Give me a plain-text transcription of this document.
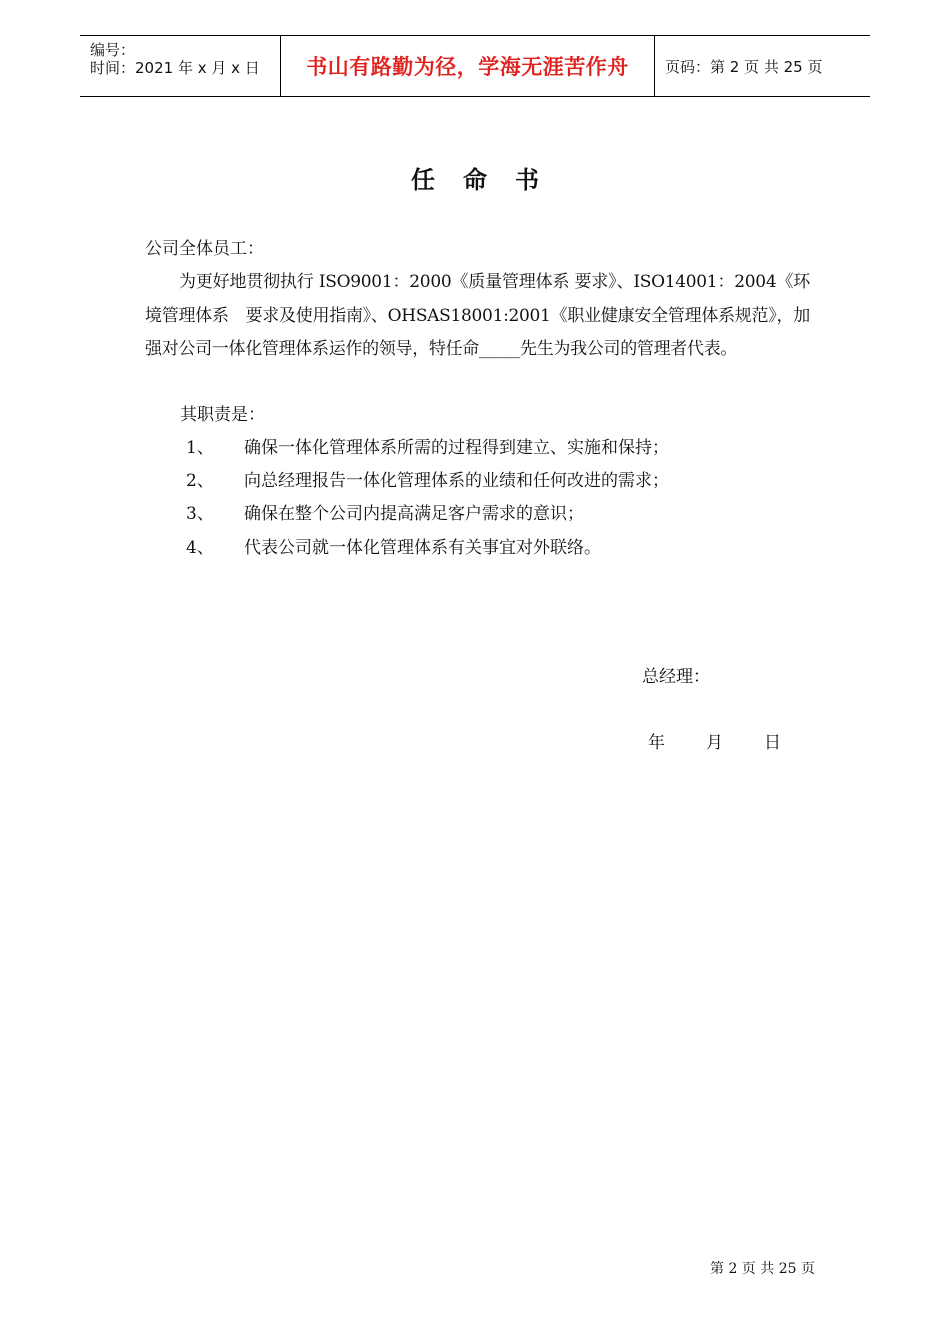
编号：
时间：2021 年 x 月 x 日	书山有路勤为径，学海无涯苦作舟 页码：第 2 页 共 25 页
任命书
公司全体员工：
为更好地贯彻执行 ISO9001：2000《质量管理体系 要求》、ISO14001：2004《环境管理体系　要求及使用指南》、OHSAS18001:2001《职业健康安全管理体系规范》，加强对公司一体化管理体系运作的领导，特任命_____先生为我公司的管理者代表。
其职责是：
1、 确保一体化管理体系所需的过程得到建立、实施和保持；
2、 向总经理报告一体化管理体系的业绩和任何改进的需求；
3、 确保在整个公司内提高满足客户需求的意识；
4、 代表公司就一体化管理体系有关事宜对外联络。
总经理：
年 月 日
第 2 页 共 25 页
